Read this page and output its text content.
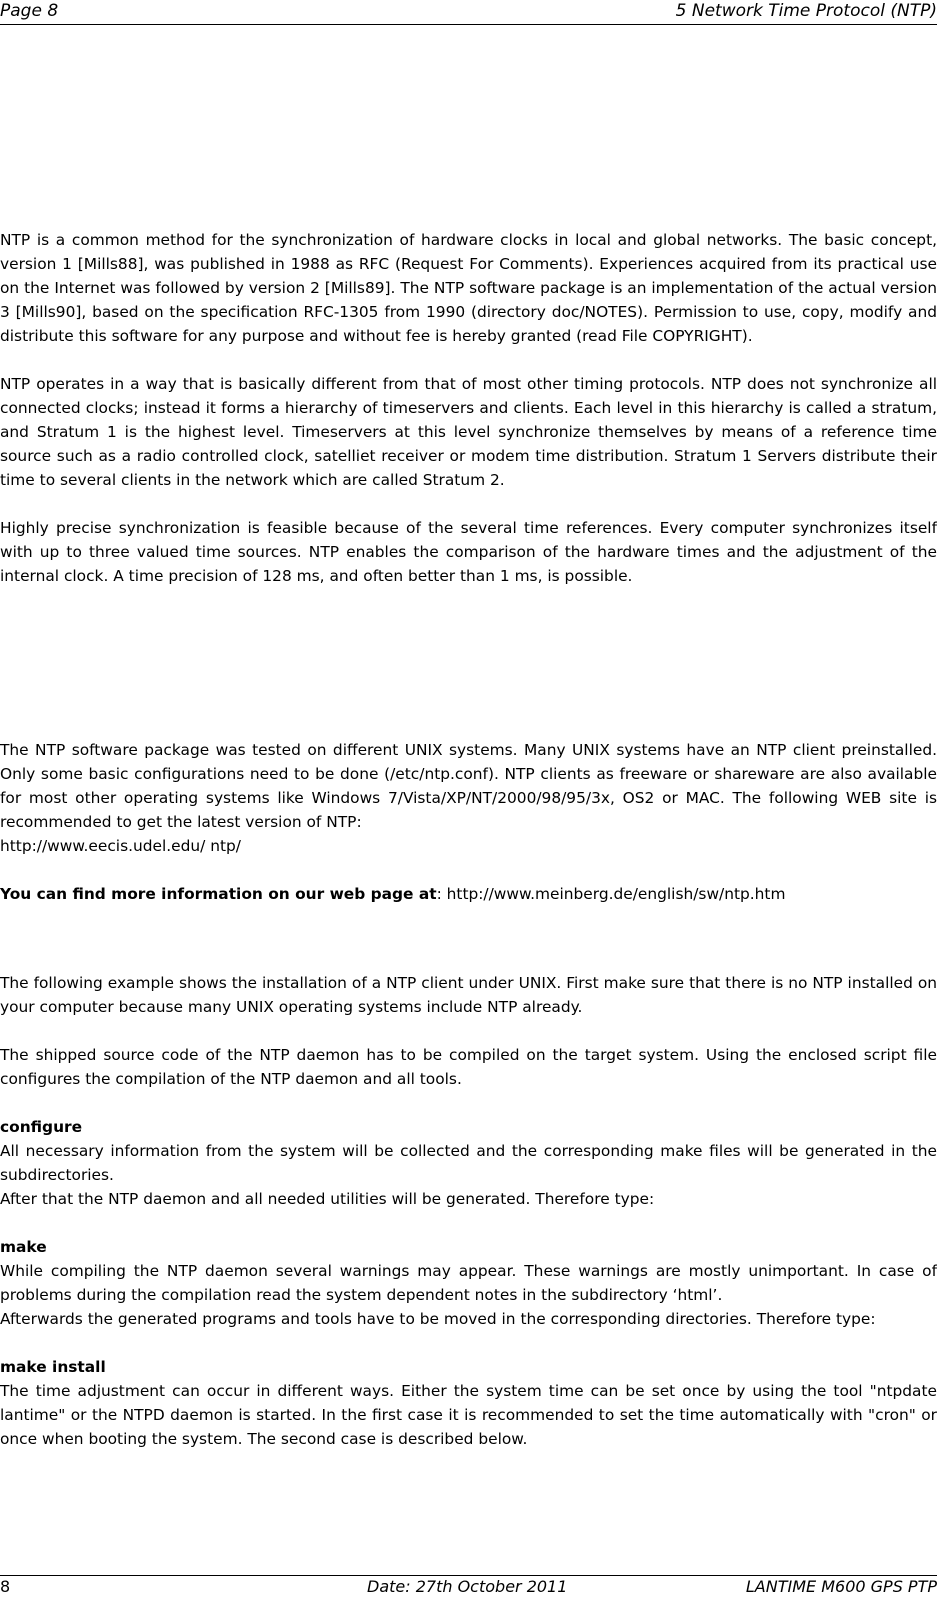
Page 8	5 Network Time Protocol (NTP)

NTP is a common method for the synchronization of hardware clocks in local and global networks. The basic concept, version 1 [Mills88], was published in 1988 as RFC (Request For Comments). Experiences acquired from its practical use on the Internet was followed by version 2 [Mills89]. The NTP software package is an implementation of the actual version 3 [Mills90], based on the specification RFC-1305 from 1990 (directory doc/NOTES). Permission to use, copy, modify and distribute this software for any purpose and without fee is hereby granted (read File COPYRIGHT).

NTP operates in a way that is basically different from that of most other timing protocols. NTP does not synchronize all connected clocks; instead it forms a hierarchy of timeservers and clients. Each level in this hierarchy is called a stratum, and Stratum 1 is the highest level. Timeservers at this level synchronize themselves by means of a reference time source such as a radio controlled clock, satelliet receiver or modem time distribution. Stratum 1 Servers distribute their time to several clients in the network which are called Stratum 2.

Highly precise synchronization is feasible because of the several time references. Every computer synchronizes itself with up to three valued time sources. NTP enables the comparison of the hardware times and the adjustment of the internal clock. A time precision of 128 ms, and often better than 1 ms, is possible.

The NTP software package was tested on different UNIX systems. Many UNIX systems have an NTP client preinstalled. Only some basic configurations need to be done (/etc/ntp.conf). NTP clients as freeware or shareware are also available for most other operating systems like Windows 7/Vista/XP/NT/2000/98/95/3x, OS2 or MAC. The following WEB site is recommended to get the latest version of NTP:

http://www.eecis.udel.edu/ ntp/

You can find more information on our web page at: http://www.meinberg.de/english/sw/ntp.htm

The following example shows the installation of a NTP client under UNIX. First make sure that there is no NTP installed on your computer because many UNIX operating systems include NTP already.

The shipped source code of the NTP daemon has to be compiled on the target system. Using the enclosed script file configures the compilation of the NTP daemon and all tools.

configure

All necessary information from the system will be collected and the corresponding make files will be generated in the subdirectories.

After that the NTP daemon and all needed utilities will be generated. Therefore type:

make

While compiling the NTP daemon several warnings may appear. These warnings are mostly unimportant. In case of problems during the compilation read the system dependent notes in the subdirectory ‘html’.

Afterwards the generated programs and tools have to be moved in the corresponding directories. Therefore type:

make install

The time adjustment can occur in different ways. Either the system time can be set once by using the tool "ntpdate lantime" or the NTPD daemon is started. In the first case it is recommended to set the time automatically with "cron" or once when booting the system. The second case is described below.

8	Date: 27th October 2011	LANTIME M600 GPS PTP
